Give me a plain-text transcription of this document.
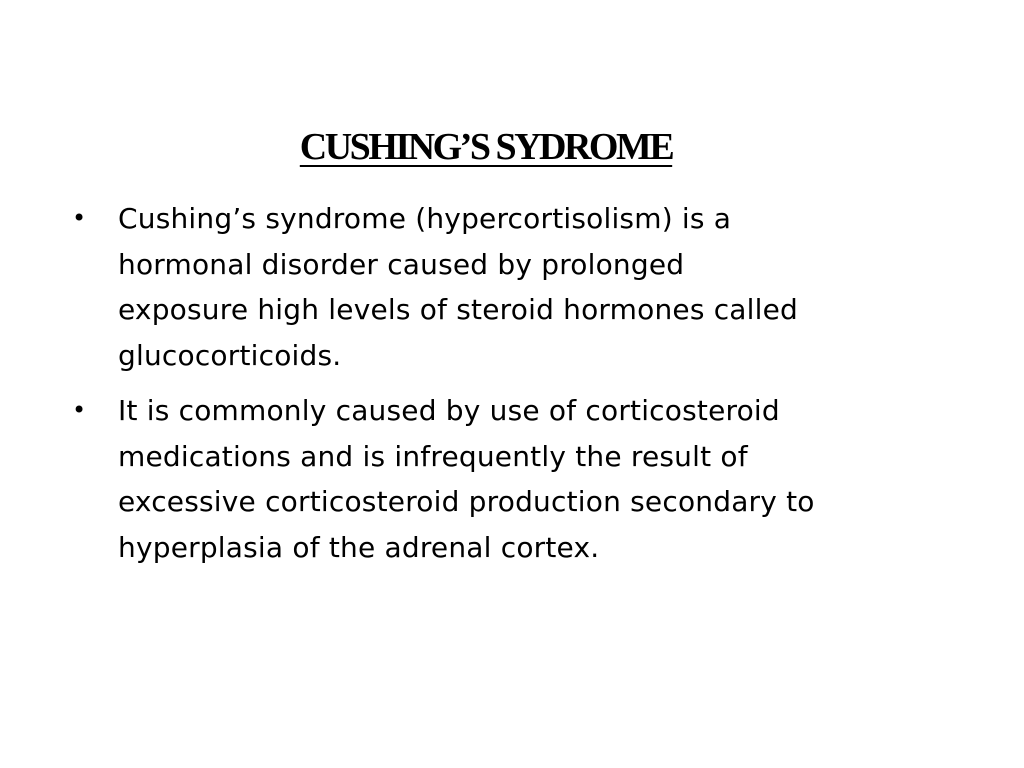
CUSHING’S SYDROME
• Cushing’s syndrome (hypercortisolism) is a
hormonal disorder caused by prolonged
exposure high levels of steroid hormones called
glucocorticoids.
• It is commonly caused by use of corticosteroid
medications and is infrequently the result of
excessive corticosteroid production secondary to
hyperplasia of the adrenal cortex.
